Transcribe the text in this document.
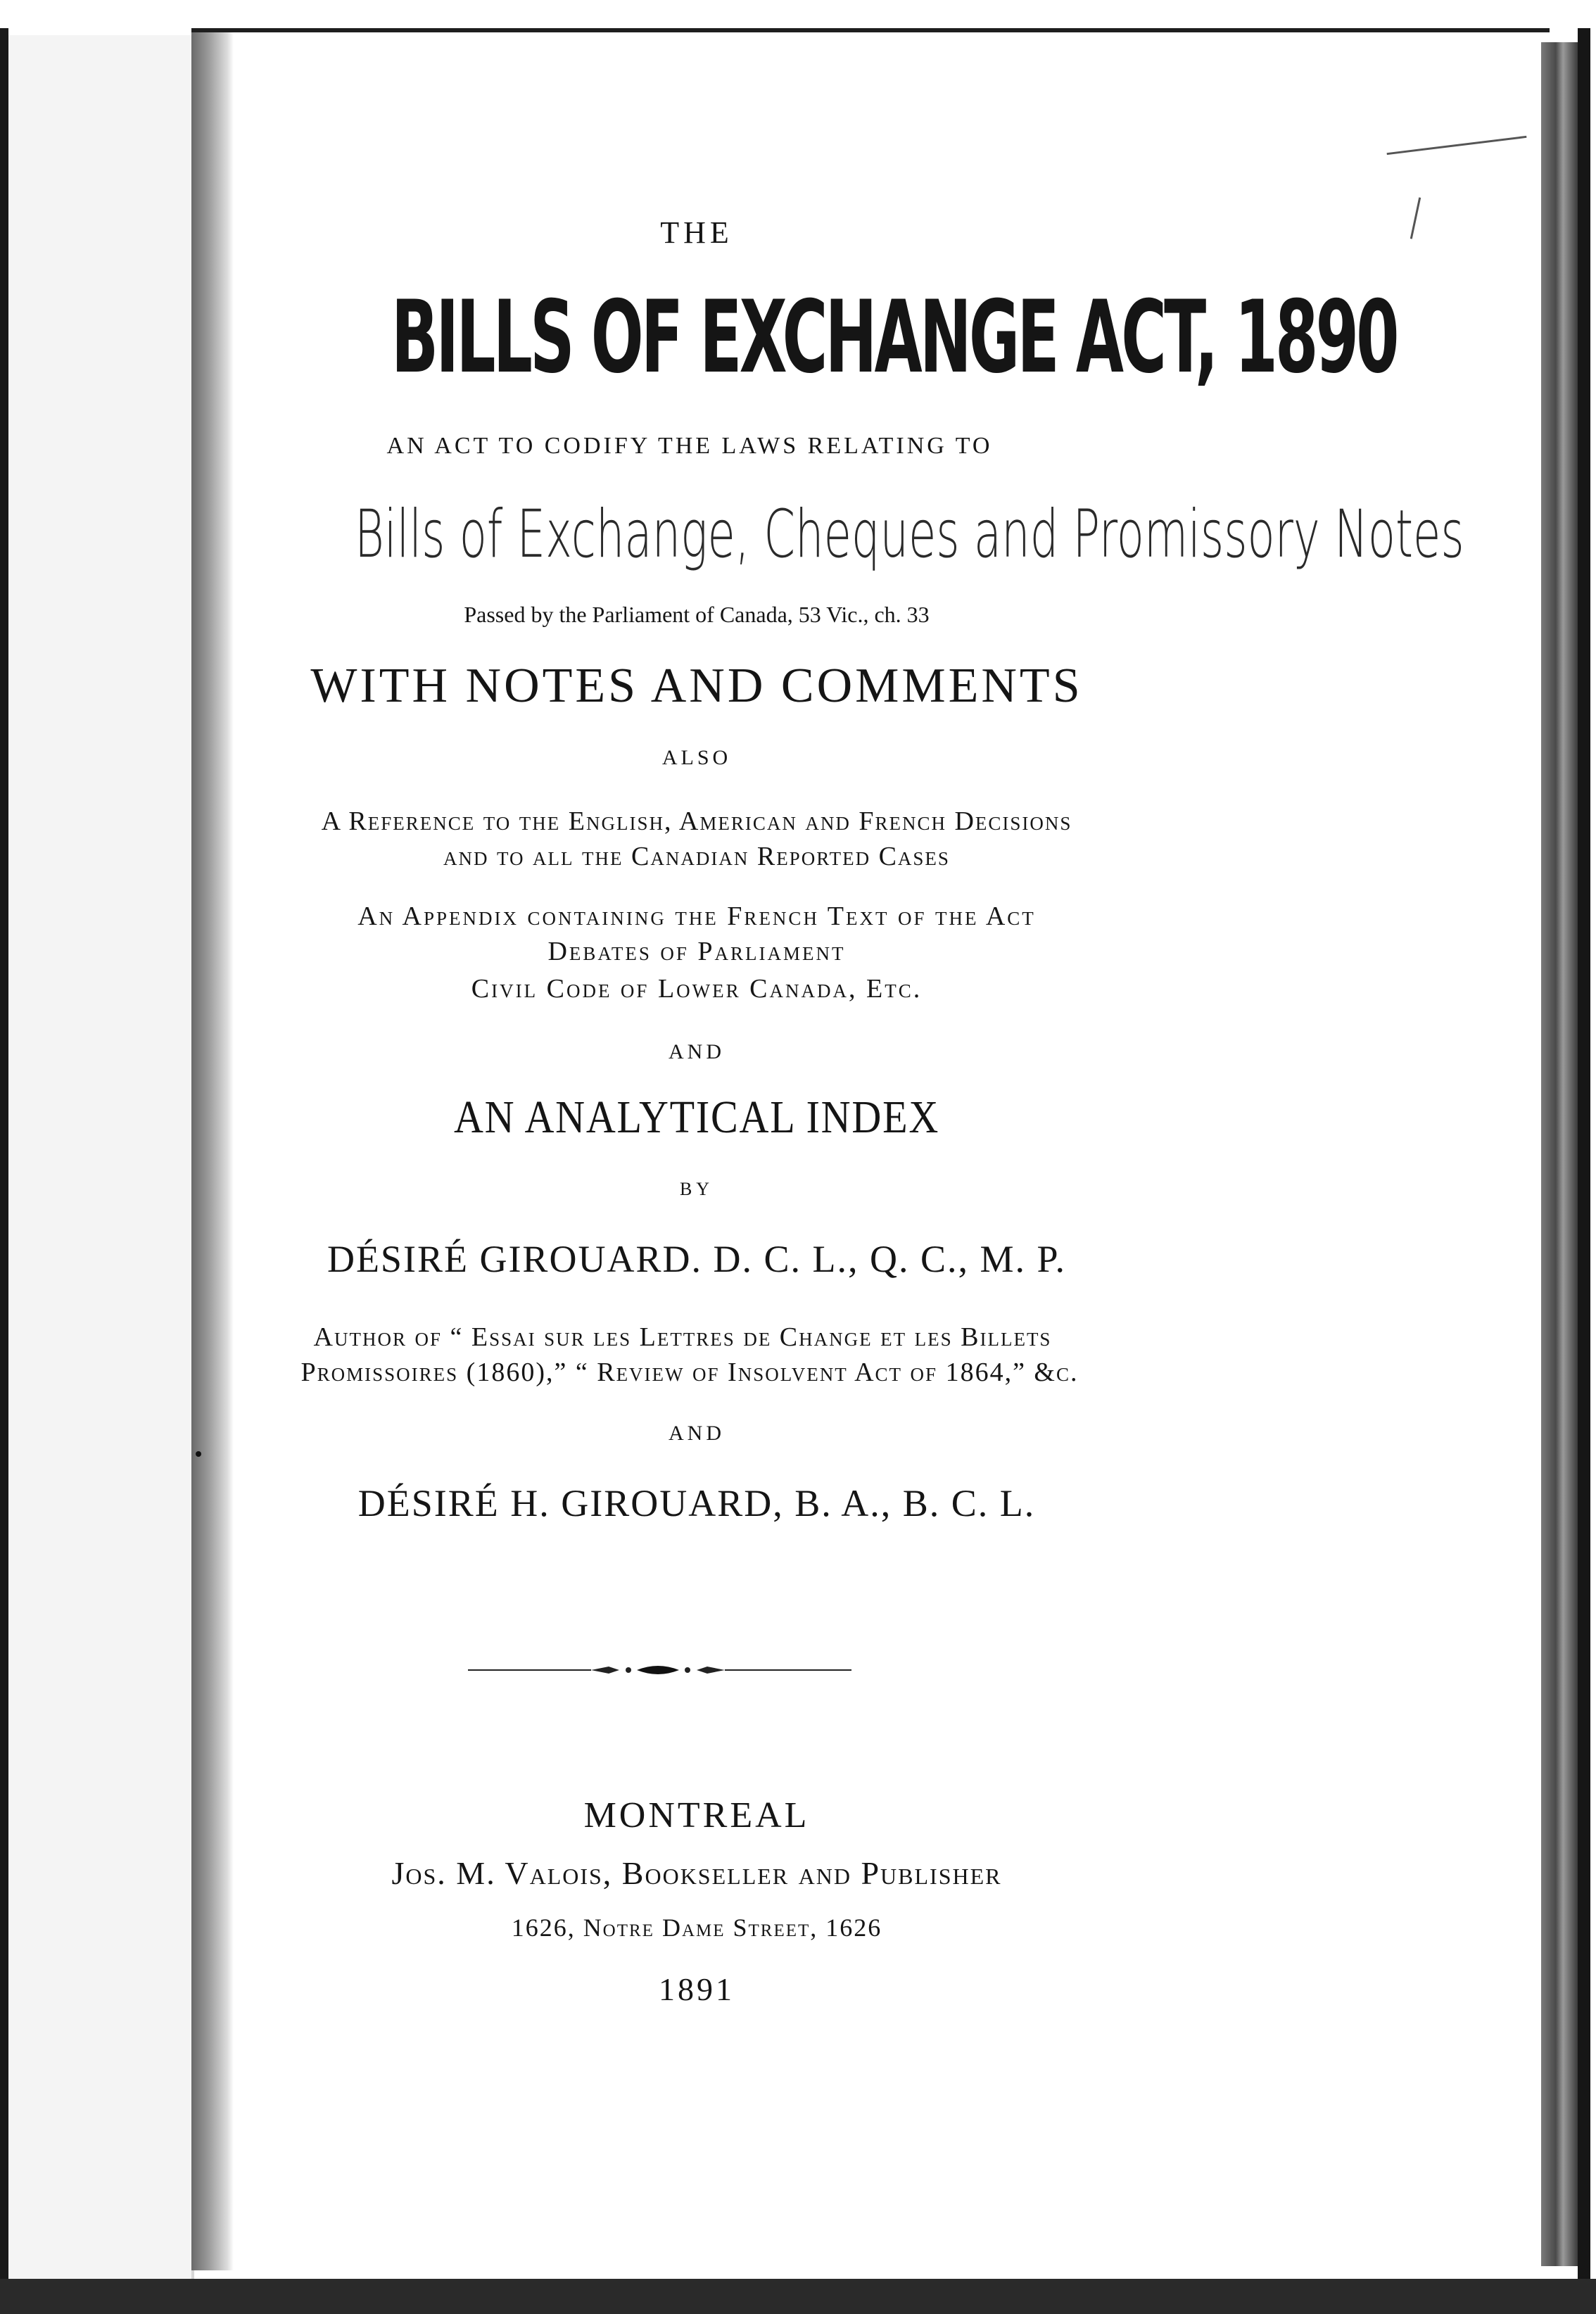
THE
BILLS OF EXCHANGE ACT, 1890
AN ACT TO CODIFY THE LAWS RELATING TO
Bills of Exchange, Cheques and Promissory Notes
Passed by the Parliament of Canada, 53 Vic., ch. 33
WITH NOTES AND COMMENTS
ALSO
A Reference to the English, American and French Decisions
and to all the Canadian Reported Cases
An Appendix containing the French Text of the Act
Debates of Parliament
Civil Code of Lower Canada, Etc.
AND
AN ANALYTICAL INDEX
BY
DÉSIRÉ GIROUARD. D. C. L., Q. C., M. P.
Author of “ Essai sur les Lettres de Change et les Billets
Promissoires (1860),” “ Review of Insolvent Act of 1864,” &c.
AND
DÉSIRÉ H. GIROUARD, B. A., B. C. L.
MONTREAL
Jos. M. Valois, Bookseller and Publisher
1626, Notre Dame Street, 1626
1891
